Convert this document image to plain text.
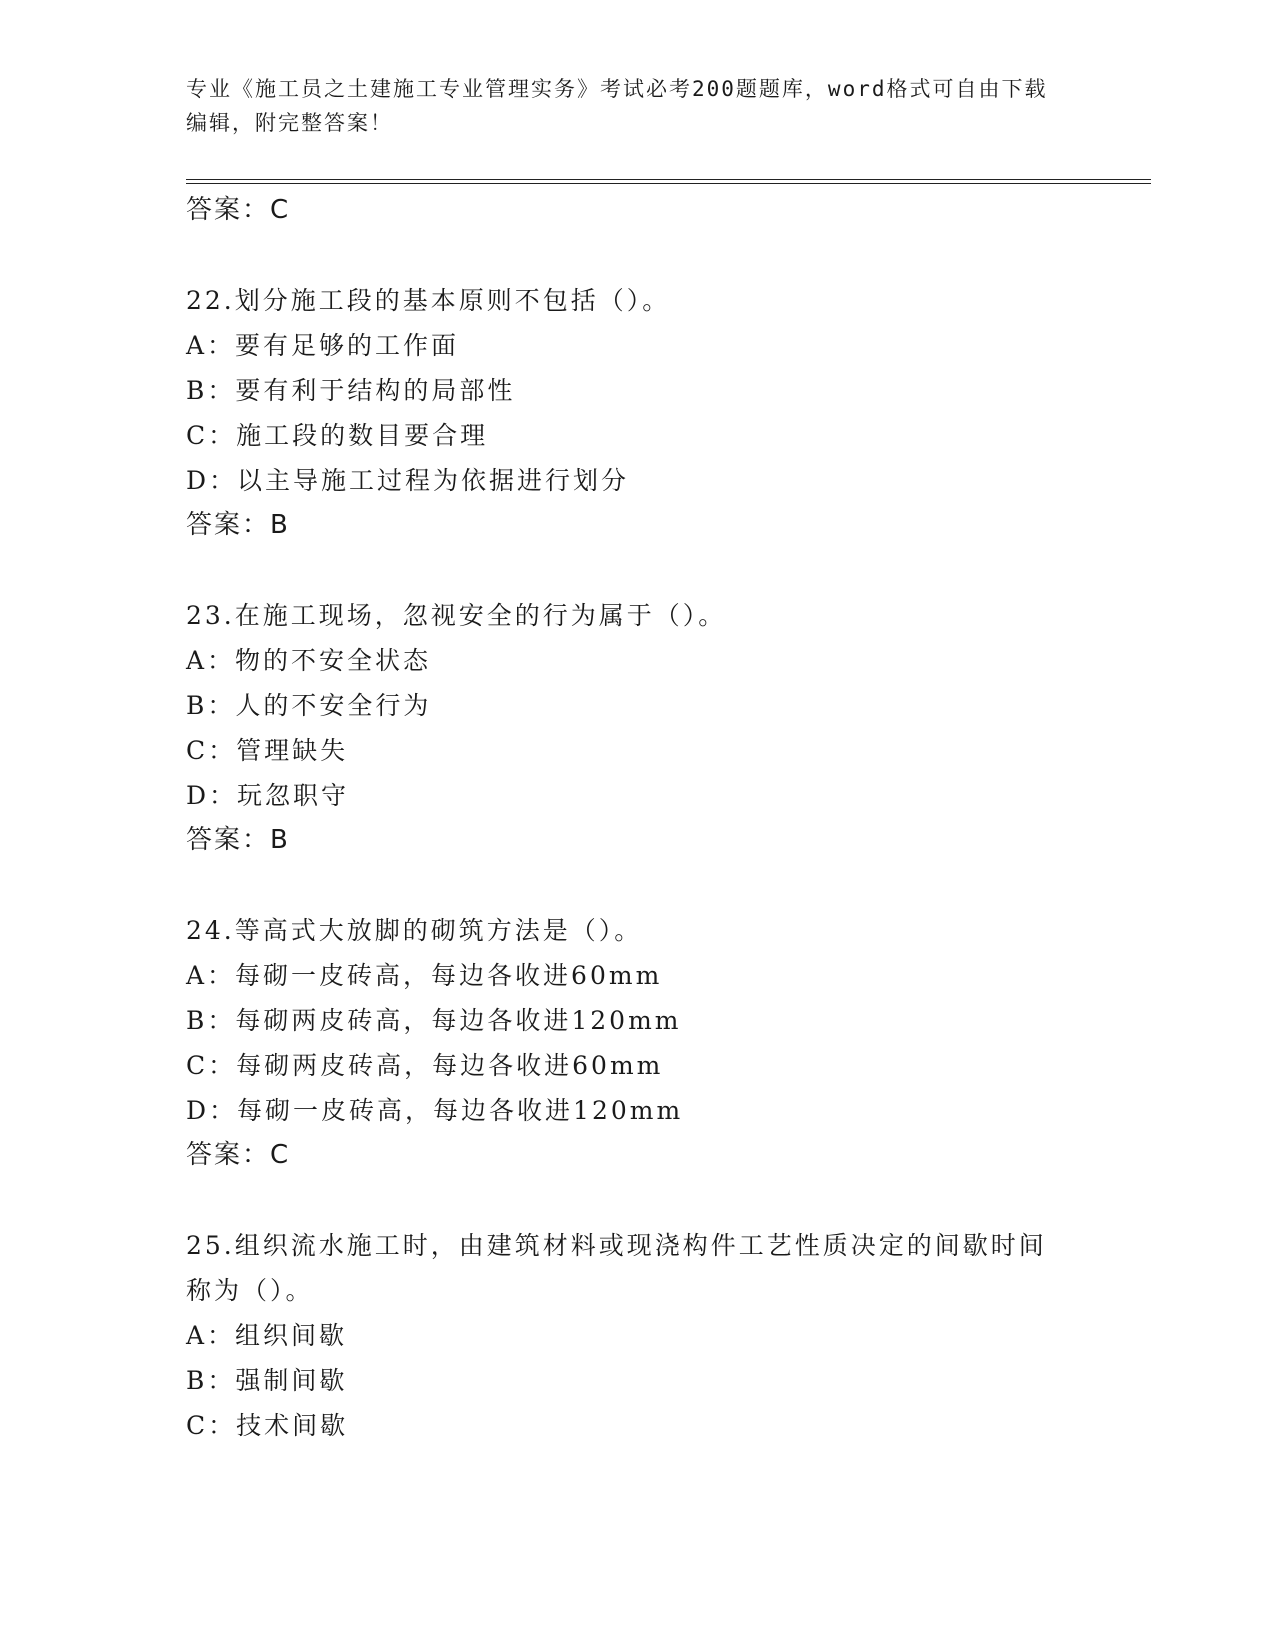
专业《施工员之土建施工专业管理实务》考试必考200题题库，word格式可自由下载编辑，附完整答案！
答案：C
22.划分施工段的基本原则不包括（）。
A：要有足够的工作面
B：要有利于结构的局部性
C：施工段的数目要合理
D：以主导施工过程为依据进行划分
答案：B
23.在施工现场，忽视安全的行为属于（）。
A：物的不安全状态
B：人的不安全行为
C：管理缺失
D：玩忽职守
答案：B
24.等高式大放脚的砌筑方法是（）。
A：每砌一皮砖高，每边各收进60mm
B：每砌两皮砖高，每边各收进120mm
C：每砌两皮砖高，每边各收进60mm
D：每砌一皮砖高，每边各收进120mm
答案：C
25.组织流水施工时，由建筑材料或现浇构件工艺性质决定的间歇时间称为（）。
A：组织间歇
B：强制间歇
C：技术间歇
